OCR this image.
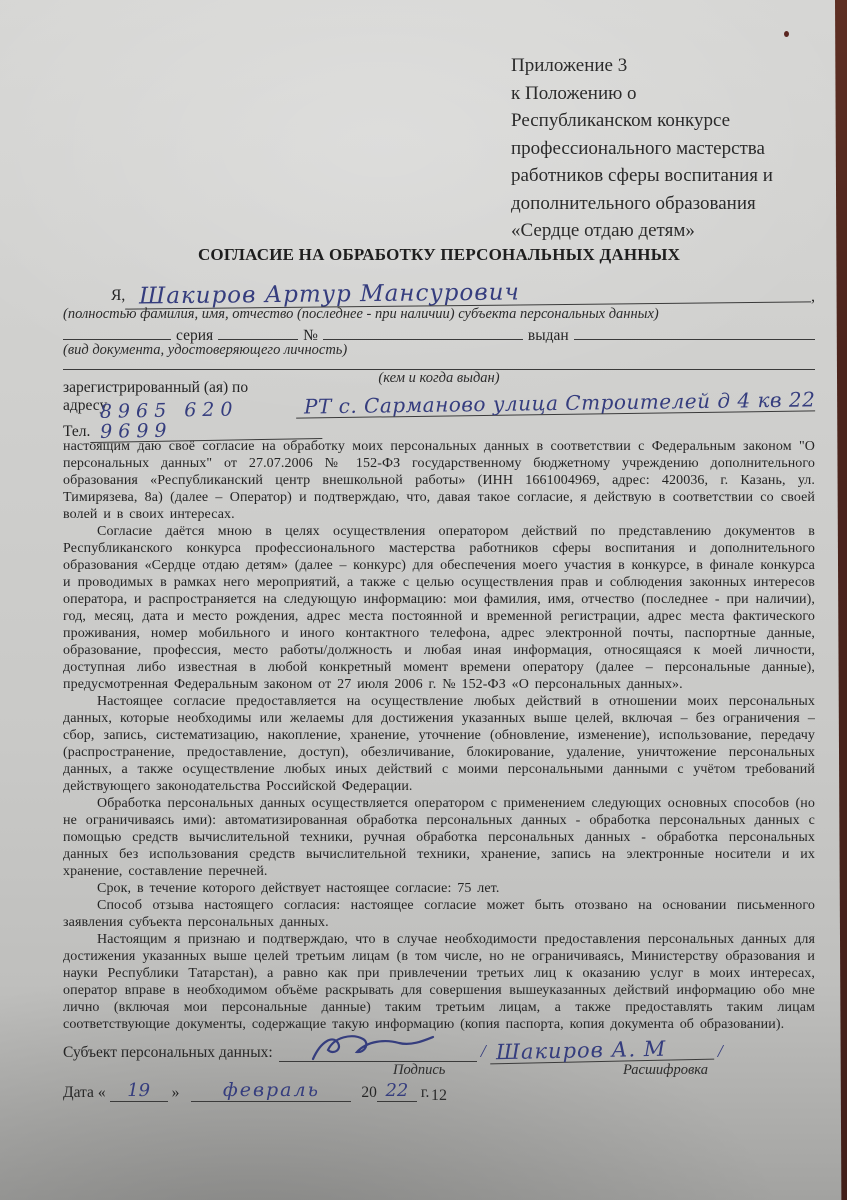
Приложение 3
к Положению о
Республиканском конкурсе
профессионального мастерства
работников сферы воспитания и
дополнительного образования
«Сердце отдаю детям»
СОГЛАСИЕ НА ОБРАБОТКУ ПЕРСОНАЛЬНЫХ ДАННЫХ
Я, Шакиров Артур Мансурович	,
(полностью фамилия, имя, отчество (последнее - при наличии) субъекта персональных данных)
серия	№	выдан
(вид документа, удостоверяющего личность)
(кем и когда выдан)
зарегистрированный (ая) по адресу	РТ с. Сармaново улица Строителей д 4 кв 22
Тел.
8965 620 9699

настоящим даю своё согласие на обработку моих персональных данных в соответствии с Федеральным законом "О персональных данных" от 27.07.2006 № 152-ФЗ государственному бюджетному учреждению дополнительного образования «Республиканский центр внешкольной работы» (ИНН 1661004969, адрес: 420036, г. Казань, ул. Тимирязева, 8а) (далее – Оператор) и подтверждаю, что, давая такое согласие, я действую в соответствии со своей волей и в своих интересах.

Согласие даётся мною в целях осуществления оператором действий по представлению документов в Республиканского конкурса профессионального мастерства работников сферы воспитания и дополнительного образования «Сердце отдаю детям» (далее – конкурс) для обеспечения моего участия в конкурсе, в финале конкурса и проводимых в рамках него мероприятий, а также с целью осуществления прав и соблюдения законных интересов оператора, и распространяется на следующую информацию: мои фамилия, имя, отчество (последнее - при наличии), год, месяц, дата и место рождения, адрес места постоянной и временной регистрации, адрес места фактического проживания, номер мобильного и иного контактного телефона, адрес электронной почты, паспортные данные, образование, профессия, место работы/должность и любая иная информация, относящаяся к моей личности, доступная либо известная в любой конкретный момент времени оператору (далее – персональные данные), предусмотренная Федеральным законом от 27 июля 2006 г. № 152-ФЗ «О персональных данных».

Настоящее согласие предоставляется на осуществление любых действий в отношении моих персональных данных, которые необходимы или желаемы для достижения указанных выше целей, включая – без ограничения – сбор, запись, систематизацию, накопление, хранение, уточнение (обновление, изменение), использование, передачу (распространение, предоставление, доступ), обезличивание, блокирование, удаление, уничтожение персональных данных, а также осуществление любых иных действий с моими персональными данными с учётом требований действующего законодательства Российской Федерации.

Обработка персональных данных осуществляется оператором с применением следующих основных способов (но не ограничиваясь ими): автоматизированная обработка персональных данных - обработка персональных данных с помощью средств вычислительной техники, ручная обработка персональных данных - обработка персональных данных без использования средств вычислительной техники, хранение, запись на электронные носители и их хранение, составление перечней.

Срок, в течение которого действует настоящее согласие: 75 лет.

Способ отзыва настоящего согласия: настоящее согласие может быть отозвано на основании письменного заявления субъекта персональных данных.

Настоящим я признаю и подтверждаю, что в случае необходимости предоставления персональных данных для достижения указанных выше целей третьим лицам (в том числе, но не ограничиваясь, Министерству образования и науки Республики Татарстан), а равно как при привлечении третьих лиц к оказанию услуг в моих интересах, оператор вправе в необходимом объёме раскрывать для совершения вышеуказанных действий информацию обо мне лично (включая мои персональные данные) таким третьим лицам, а также предоставлять таким лицам соответствующие документы, содержащие такую информацию (копия паспорта, копия документа об образовании).

Субъект персональных данных:	/ Шакиров А. М	/
Подпись	Расшифровка
Дата «	19	»	февраль	20 22 г. 12
